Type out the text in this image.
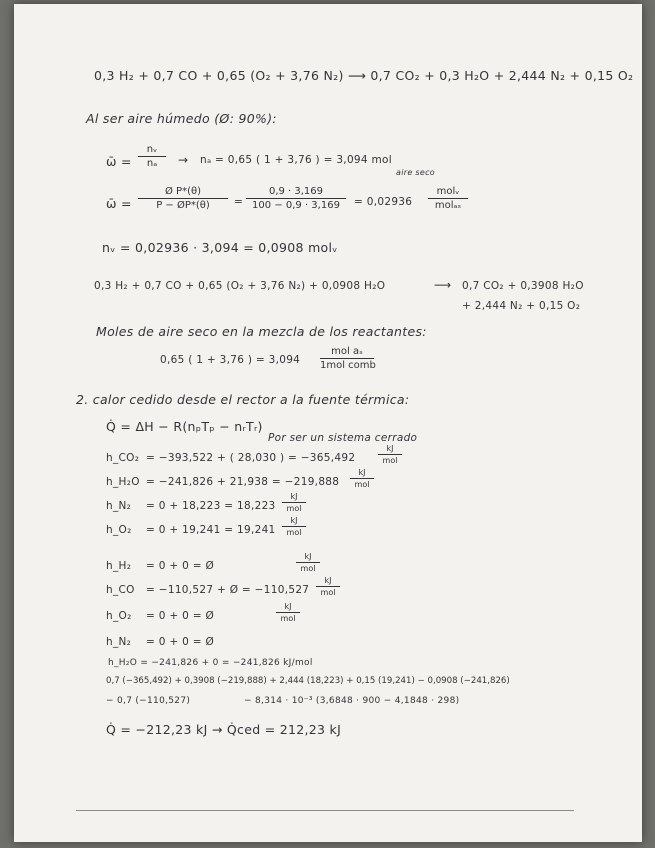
0,3 H₂ + 0,7 CO + 0,65 (O₂ + 3,76 N₂) ⟶ 0,7 CO₂ + 0,3 H₂O + 2,444 N₂ + 0,15 O₂
Al ser aire húmedo (Ø: 90%):
ω̄ = $\frac{\text{nᵥ}}{\text{nₐ}} \to n_a = 0,65$ ( 1 + 3,76 ) = 3,094 mol
aire seco
ω̄ = $\frac{\text{Ø P*(θ)}}{P - ØP*(\theta)} = \frac{0,9 \cdot 3,169}{100 - 0,9 \cdot 3,169} = 0,02936$
molᵥ
molₐₛ
nᵥ = 0,02936 · 3,094 = 0,0908 molᵥ
0,3 H₂ + 0,7 CO + 0,65 (O₂ + 3,76 N₂) + 0,0908 H₂O	⟶ 0,7 CO₂ + 0,3908 H₂O
+ 2,444 N₂ + 0,15 O₂
Moles de aire seco en la mezcla de los reactantes:
0,65 ( 1 + 3,76 ) = 3,094
mol aₛ
1mol comb
2. calor cedido desde el rector a la fuente térmica:
Q̇ = ΔH − R(nₚTₚ − nᵣTᵣ)
Por ser un sistema cerrado
h_CO₂ = −393,522 + ( 28,030 ) = −365,492
kJ
mol
h_H₂O = −241,826 + 21,938 = −219,888
kJ
mol
h_N₂ = 0 + 18,223 = 18,223
kJ
mol
h_O₂ = 0 + 19,241 = 19,241
kJ
mol
h_H₂ = 0 + 0 = Ø
kJ
mol
h_CO = −110,527 + Ø = −110,527
kJ
mol
h_O₂ = 0 + 0 = Ø
kJ
mol
h_N₂ = 0 + 0 = Ø
h_H₂O = −241,826 + 0 = −241,826 kJ/mol
0,7 (−365,492) + 0,3908 (−219,888) + 2,444 (18,223) + 0,15 (19,241) − 0,0908 (−241,826)
− 0,7 (−110,527)	− 8,314 · 10⁻³ (3,6848 · 900 − 4,1848 · 298)
Q̇ = −212,23 kJ → Q̇ced = 212,23 kJ
